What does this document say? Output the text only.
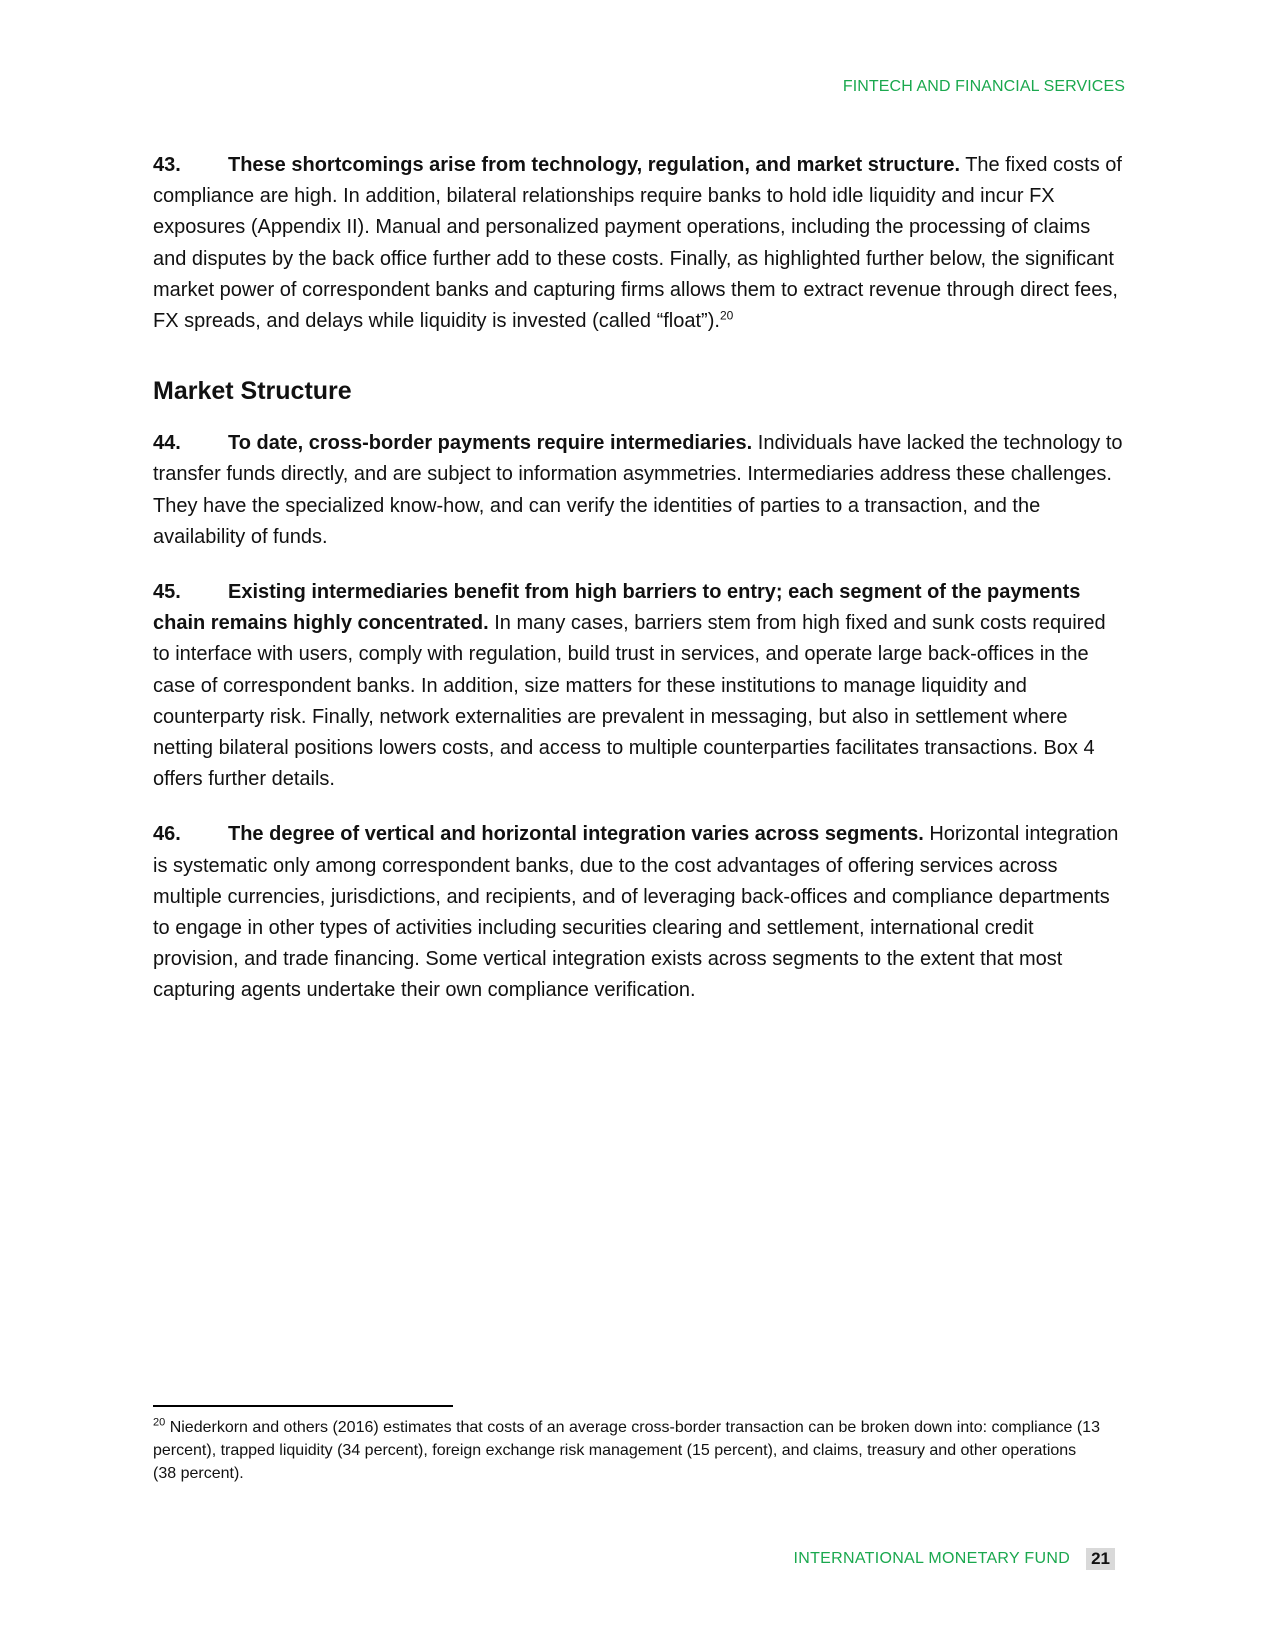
FINTECH AND FINANCIAL SERVICES

43. These shortcomings arise from technology, regulation, and market structure. The fixed costs of compliance are high. In addition, bilateral relationships require banks to hold idle liquidity and incur FX exposures (Appendix II). Manual and personalized payment operations, including the processing of claims and disputes by the back office further add to these costs. Finally, as highlighted further below, the significant market power of correspondent banks and capturing firms allows them to extract revenue through direct fees, FX spreads, and delays while liquidity is invested (called “float”).$^{20}$

Market Structure

44. To date, cross-border payments require intermediaries. Individuals have lacked the technology to transfer funds directly, and are subject to information asymmetries. Intermediaries address these challenges. They have the specialized know-how, and can verify the identities of parties to a transaction, and the availability of funds.

45. Existing intermediaries benefit from high barriers to entry; each segment of the payments chain remains highly concentrated. In many cases, barriers stem from high fixed and sunk costs required to interface with users, comply with regulation, build trust in services, and operate large back-offices in the case of correspondent banks. In addition, size matters for these institutions to manage liquidity and counterparty risk. Finally, network externalities are prevalent in messaging, but also in settlement where netting bilateral positions lowers costs, and access to multiple counterparties facilitates transactions. Box 4 offers further details.

46. The degree of vertical and horizontal integration varies across segments. Horizontal integration is systematic only among correspondent banks, due to the cost advantages of offering services across multiple currencies, jurisdictions, and recipients, and of leveraging back-offices and compliance departments to engage in other types of activities including securities clearing and settlement, international credit provision, and trade financing. Some vertical integration exists across segments to the extent that most capturing agents undertake their own compliance verification.

$^{20}$ Niederkorn and others (2016) estimates that costs of an average cross-border transaction can be broken down into: compliance (13 percent), trapped liquidity (34 percent), foreign exchange risk management (15 percent), and claims, treasury and other operations (38 percent).

INTERNATIONAL MONETARY FUND 21
